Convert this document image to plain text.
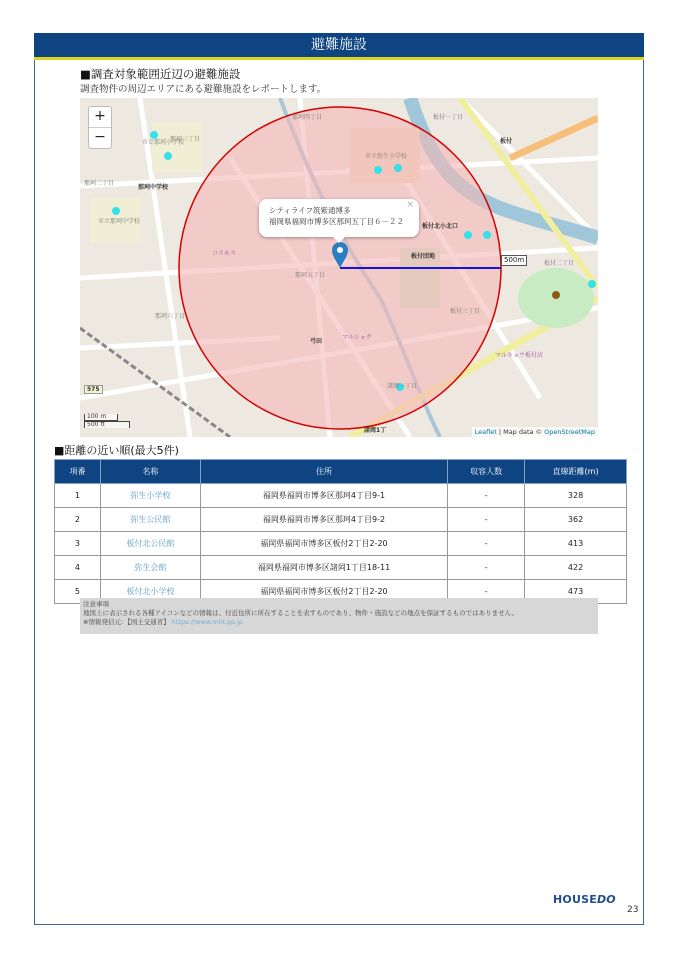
避難施設
■調査対象範囲近辺の避難施設
調査物件の周辺エリアにある避難施設をレポートします。
+
−	那珂三丁目
那珂二丁目
那珂四丁目
那珂五丁目
那珂六丁目
板付一丁目
板付二丁目
板付三丁目
諸岡一丁目
市立那珂小学校
市立那珂中学校
市立弥生小学校
那珂中学校
コスモス
マルショク
マルキョウ板付店
板付
板付団地
板付北小北口
弓田
諸岡1丁
575
×
シティライフ筑紫通博多
福岡県福岡市博多区那珂五丁目６－２２
500m
100 m
500 ft
Leaflet | Map data © OpenStreetMap
■距離の近い順(最大5件)
項番	名称	住所	収容人数	直線距離(m)
1	弥生小学校	福岡県福岡市博多区那珂4丁目9-1	-	328
2	弥生公民館	福岡県福岡市博多区那珂4丁目9-2	-	362
3	板付北公民館	福岡県福岡市博多区板付2丁目2-20	-	413
4	弥生会館	福岡県福岡市博多区諸岡1丁目18-11	-	422
5	板付北小学校	福岡県福岡市博多区板付2丁目2-20	-	473
注意事項
地図上に表示される各種アイコンなどの情報は、付近住所に所在することを表すものであり、物件・施設などの地点を保証するものではありません。
※情報発信元：【国土交通省】 https://www.mlit.go.jp
HOUSEDO
23
